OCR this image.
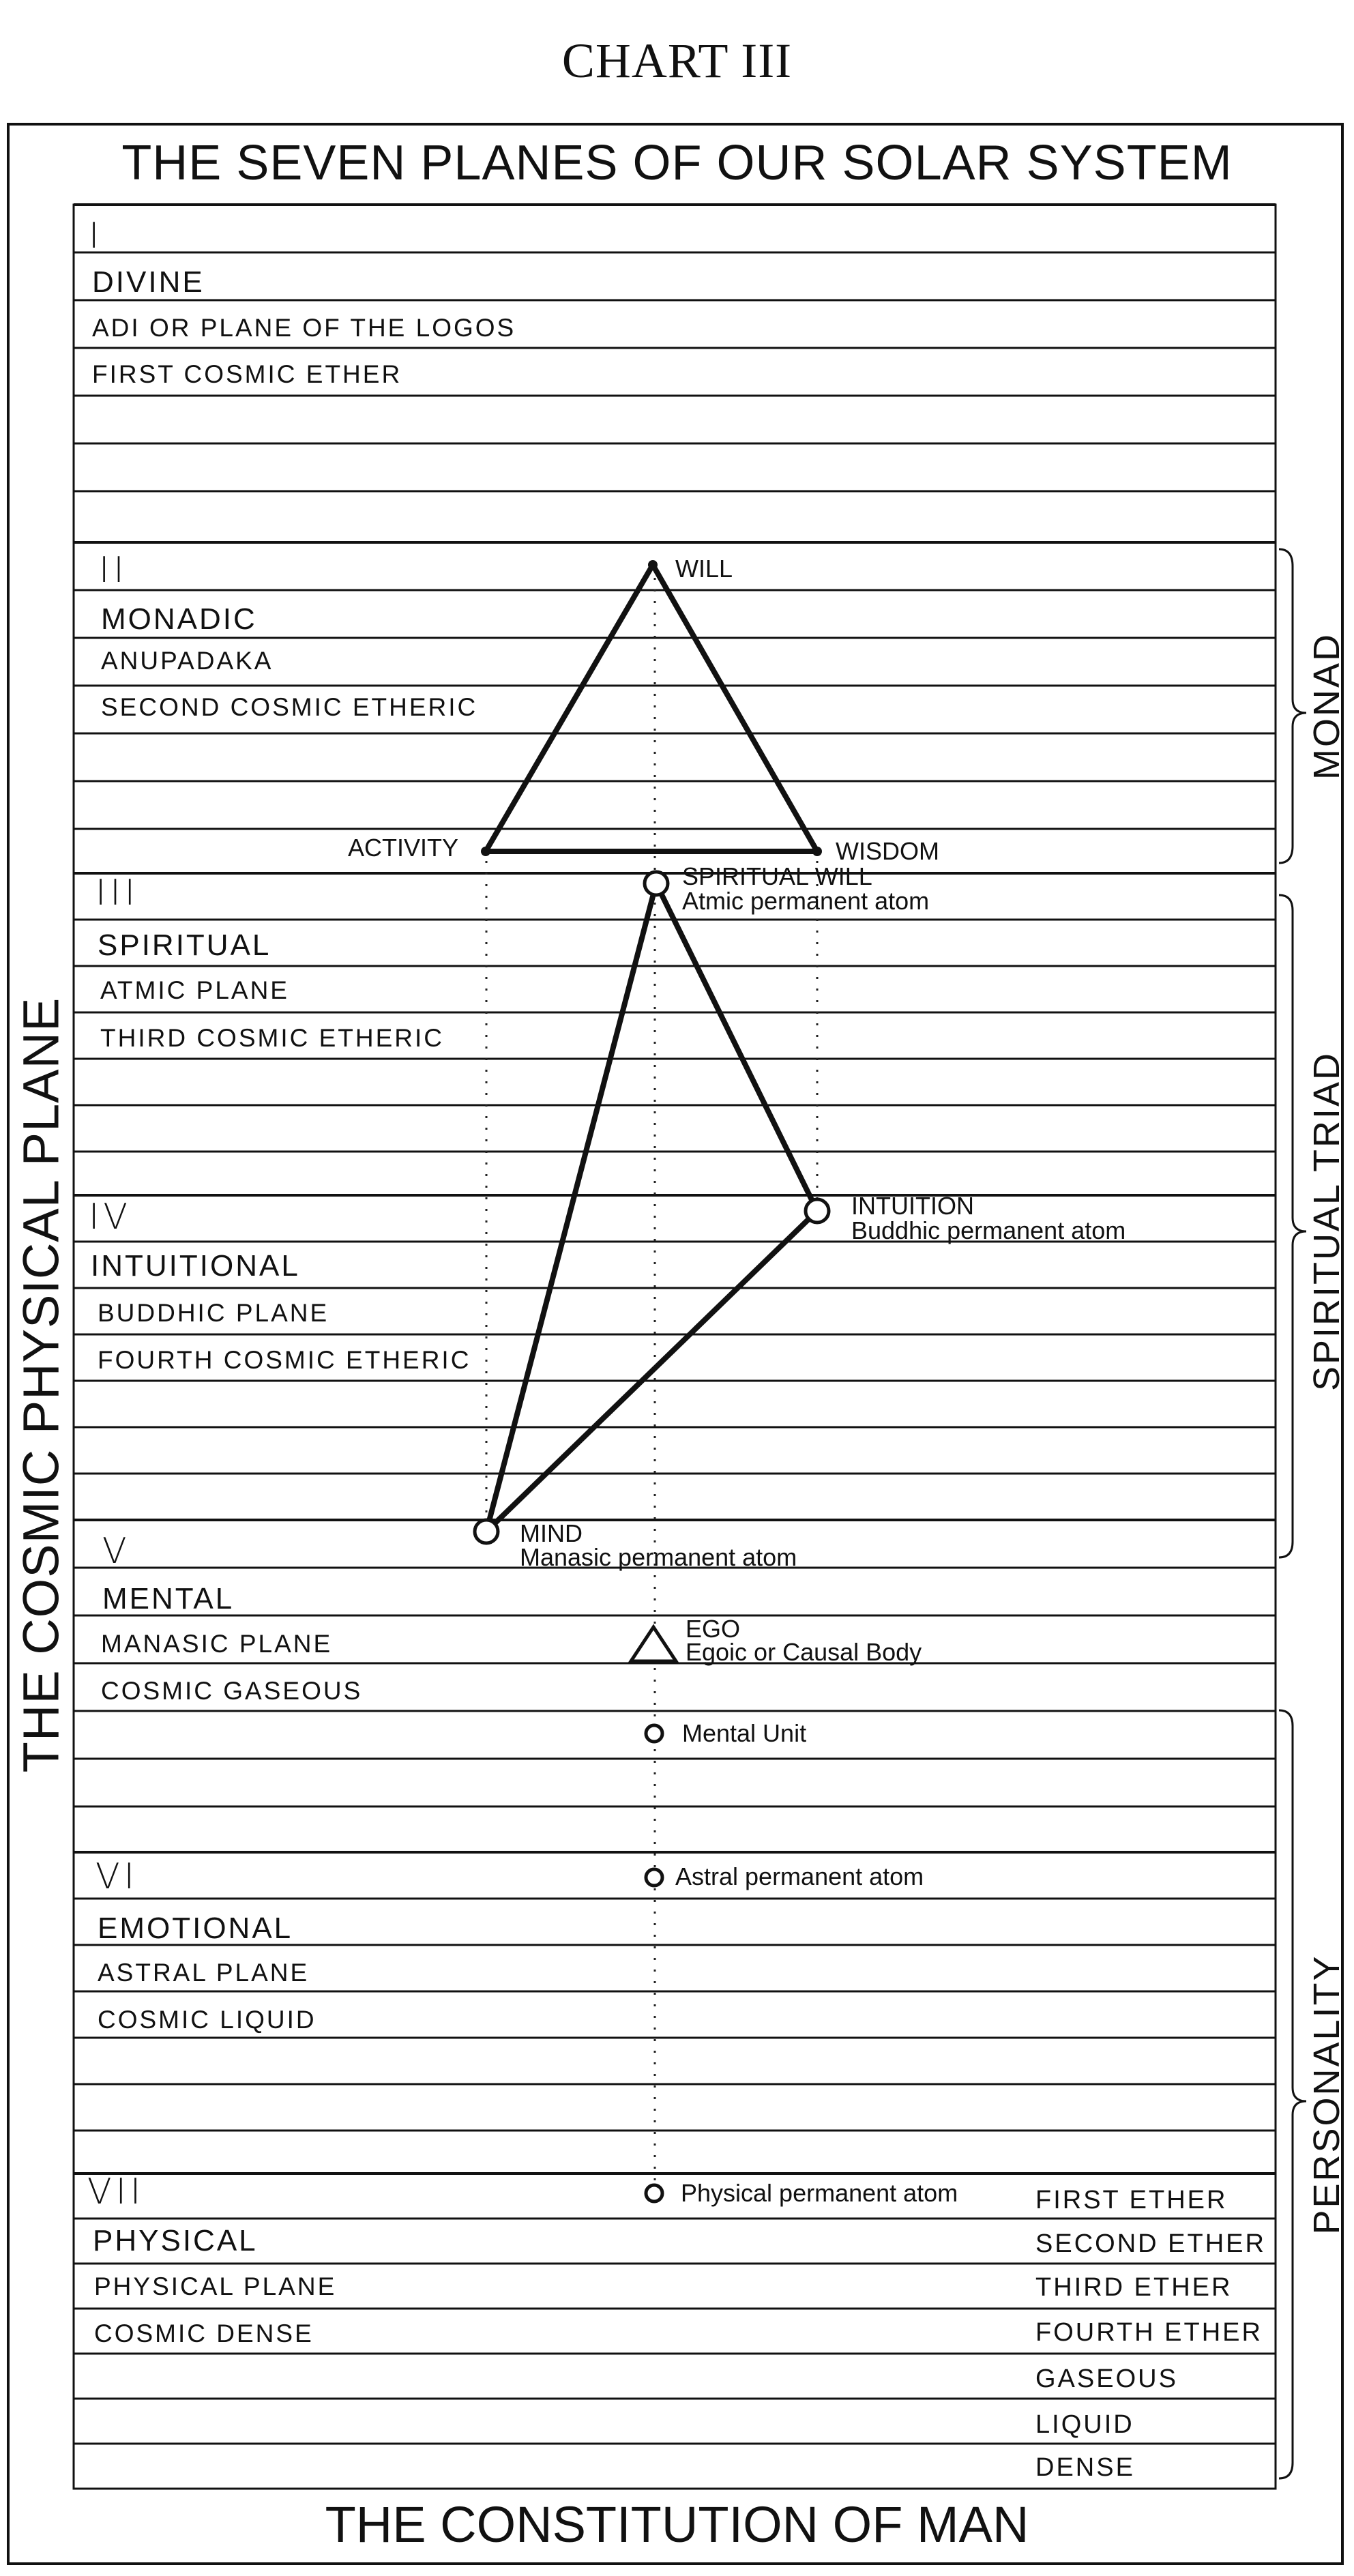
CHART III
THE SEVEN PLANES OF OUR SOLAR SYSTEM
THE COSMIC PHYSICAL PLANE
THE CONSTITUTION OF MAN
I
DIVINE
ADI OR PLANE OF THE LOGOS
FIRST COSMIC ETHER
II
MONADIC
ANUPADAKA
SECOND COSMIC ETHERIC
III
SPIRITUAL
ATMIC PLANE
THIRD COSMIC ETHERIC
IV
INTUITIONAL
BUDDHIC PLANE
FOURTH COSMIC ETHERIC
V
MENTAL
MANASIC PLANE
COSMIC GASEOUS
VI
EMOTIONAL
ASTRAL PLANE
COSMIC LIQUID
VII
PHYSICAL
PHYSICAL PLANE
COSMIC DENSE
FIRST ETHER
SECOND ETHER
THIRD ETHER
FOURTH ETHER
GASEOUS
LIQUID
DENSE
WILL
ACTIVITY	WISDOM
SPIRITUAL WILL
Atmic permanent atom
INTUITION
Buddhic permanent atom
MIND
Manasic permanent atom
EGO
Egoic or Causal Body
Mental Unit
Astral permanent atom
Physical permanent atom
MONAD
SPIRITUAL TRIAD
PERSONALITY
